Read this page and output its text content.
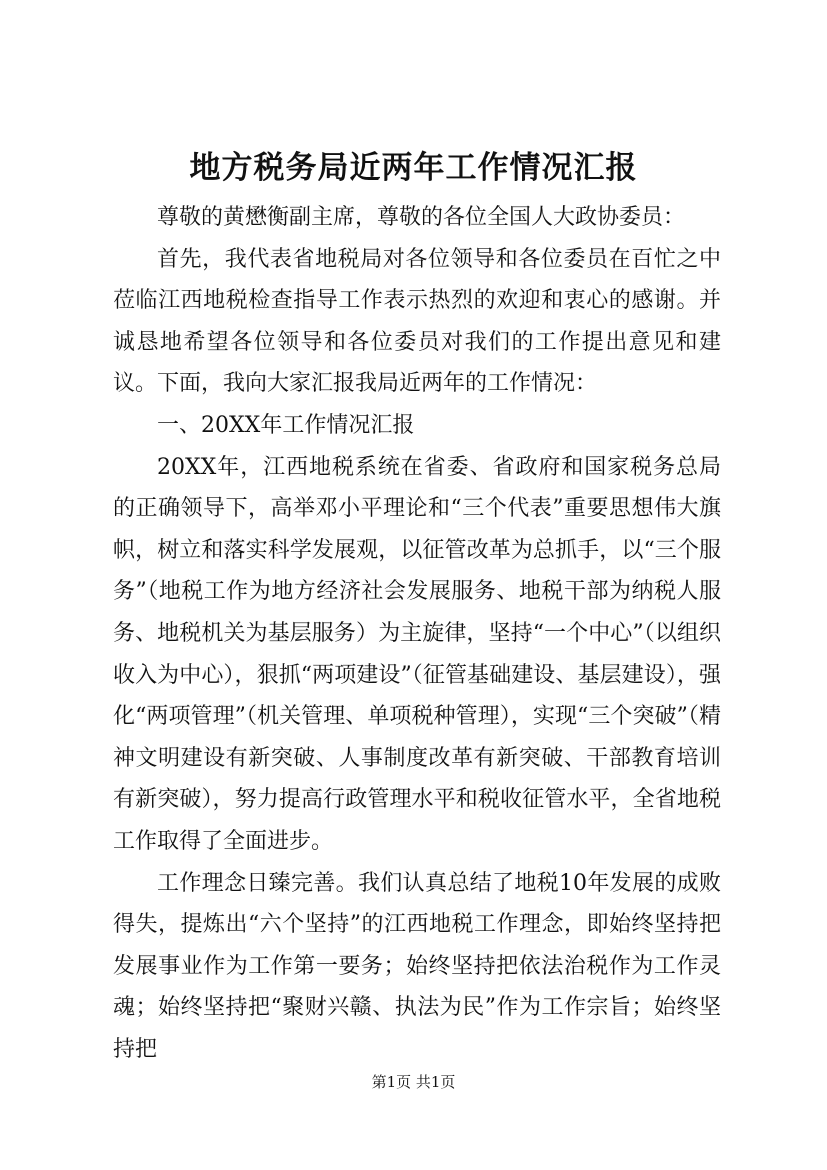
地方税务局近两年工作情况汇报

尊敬的黄懋衡副主席，尊敬的各位全国人大政协委员：

首先，我代表省地税局对各位领导和各位委员在百忙之中莅临江西地税检查指导工作表示热烈的欢迎和衷心的感谢。并诚恳地希望各位领导和各位委员对我们的工作提出意见和建议。下面，我向大家汇报我局近两年的工作情况：

一、20XX年工作情况汇报

20XX年，江西地税系统在省委、省政府和国家税务总局的正确领导下，高举邓小平理论和“三个代表”重要思想伟大旗帜，树立和落实科学发展观，以征管改革为总抓手，以“三个服务”（地税工作为地方经济社会发展服务、地税干部为纳税人服务、地税机关为基层服务）为主旋律，坚持“一个中心”（以组织收入为中心），狠抓“两项建设”（征管基础建设、基层建设），强化“两项管理”（机关管理、单项税种管理），实现“三个突破”（精神文明建设有新突破、人事制度改革有新突破、干部教育培训有新突破），努力提高行政管理水平和税收征管水平，全省地税工作取得了全面进步。

工作理念日臻完善。我们认真总结了地税10年发展的成败得失，提炼出“六个坚持”的江西地税工作理念，即始终坚持把发展事业作为工作第一要务；始终坚持把依法治税作为工作灵魂；始终坚持把“聚财兴赣、执法为民”作为工作宗旨；始终坚持把

第1页 共1页
